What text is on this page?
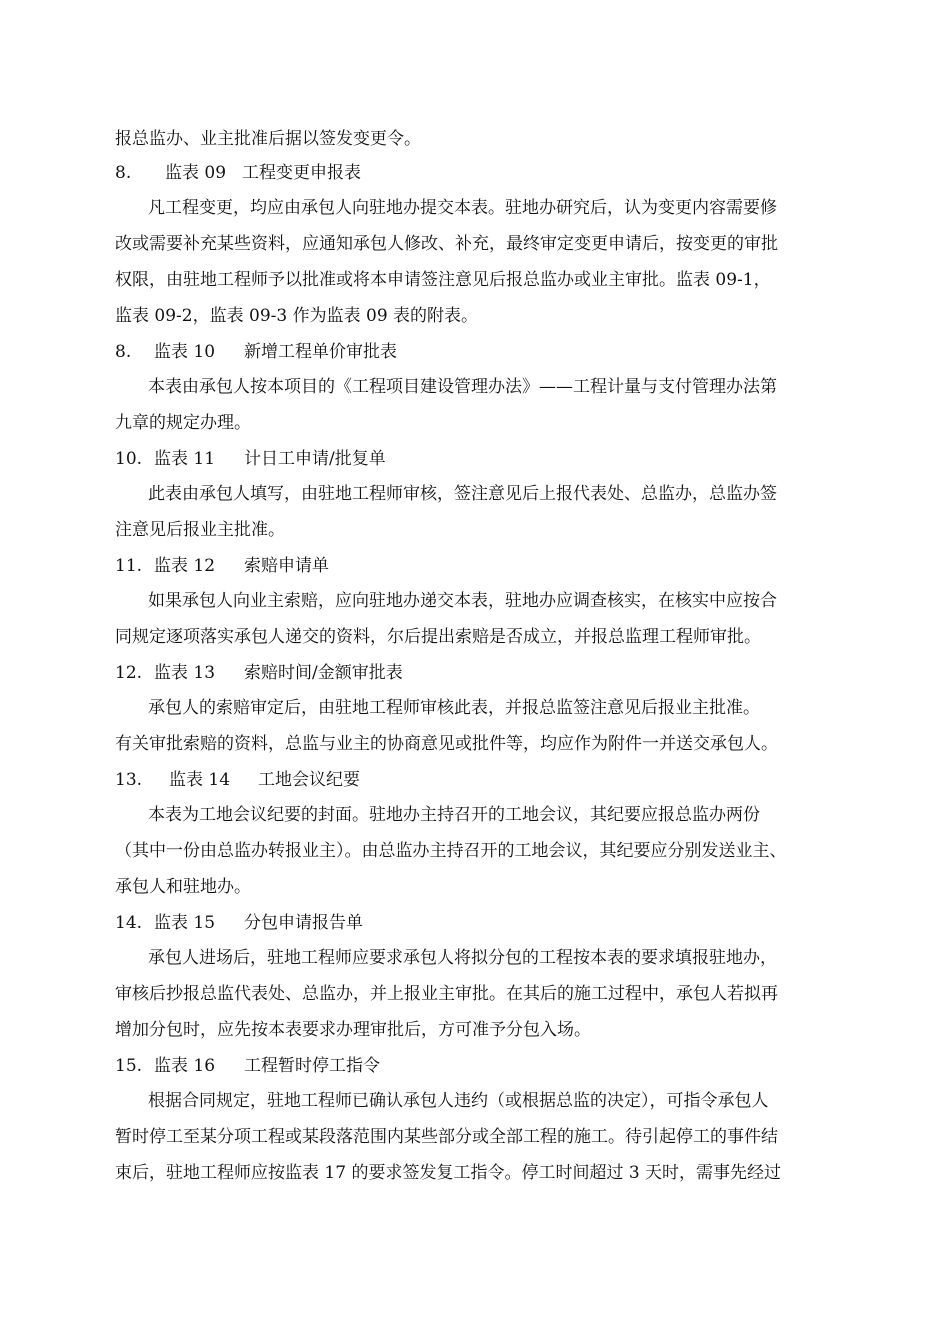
报总监办、业主批准后据以签发变更令。
8. 监表 09 工程变更申报表
凡工程变更，均应由承包人向驻地办提交本表。驻地办研究后，认为变更内容需要修
改或需要补充某些资料，应通知承包人修改、补充，最终审定变更申请后，按变更的审批
权限，由驻地工程师予以批准或将本申请签注意见后报总监办或业主审批。监表 09-1，
监表 09-2，监表 09-3 作为监表 09 表的附表。
8. 监表 10 新增工程单价审批表
本表由承包人按本项目的《工程项目建设管理办法》——工程计量与支付管理办法第
九章的规定办理。
10. 监表 11 计日工申请/批复单
此表由承包人填写，由驻地工程师审核，签注意见后上报代表处、总监办，总监办签
注意见后报业主批准。
11. 监表 12 索赔申请单
如果承包人向业主索赔，应向驻地办递交本表，驻地办应调查核实，在核实中应按合
同规定逐项落实承包人递交的资料，尔后提出索赔是否成立，并报总监理工程师审批。
12. 监表 13 索赔时间/金额审批表
承包人的索赔审定后，由驻地工程师审核此表，并报总监签注意见后报业主批准。
有关审批索赔的资料，总监与业主的协商意见或批件等，均应作为附件一并送交承包人。
13. 监表 14 工地会议纪要
本表为工地会议纪要的封面。驻地办主持召开的工地会议，其纪要应报总监办两份
（其中一份由总监办转报业主）。由总监办主持召开的工地会议，其纪要应分别发送业主、
承包人和驻地办。
14. 监表 15 分包申请报告单
承包人进场后，驻地工程师应要求承包人将拟分包的工程按本表的要求填报驻地办，
审核后抄报总监代表处、总监办，并上报业主审批。在其后的施工过程中，承包人若拟再
增加分包时，应先按本表要求办理审批后，方可准予分包入场。
15. 监表 16 工程暂时停工指令
根据合同规定，驻地工程师已确认承包人违约（或根据总监的决定），可指令承包人
暂时停工至某分项工程或某段落范围内某些部分或全部工程的施工。待引起停工的事件结
束后，驻地工程师应按监表 17 的要求签发复工指令。停工时间超过 3 天时，需事先经过
